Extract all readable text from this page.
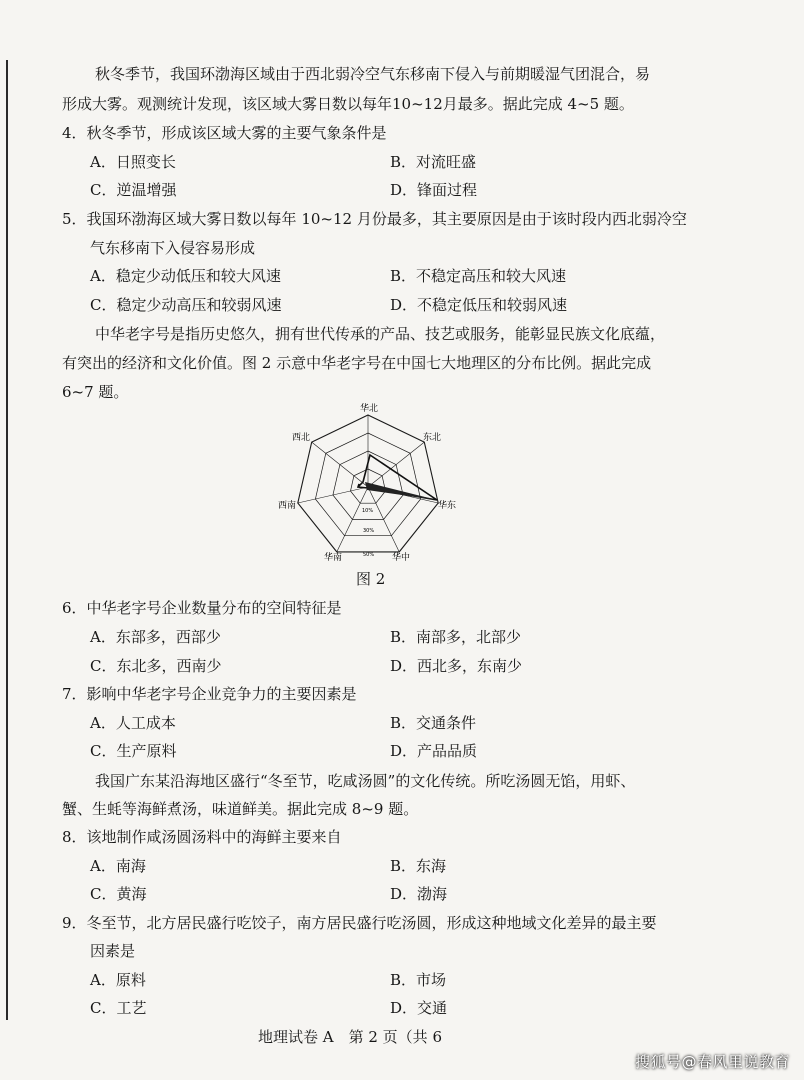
秋冬季节，我国环渤海区域由于西北弱冷空气东移南下侵入与前期暖湿气团混合，易
形成大雾。观测统计发现，该区域大雾日数以每年10~12月最多。据此完成 4~5 题。
4．秋冬季节，形成该区域大雾的主要气象条件是
A．日照变长	B．对流旺盛
C．逆温增强	D．锋面过程
5．我国环渤海区域大雾日数以每年 10~12 月份最多，其主要原因是由于该时段内西北弱冷空
气东移南下入侵容易形成
A．稳定少动低压和较大风速	B．不稳定高压和较大风速
C．稳定少动高压和较弱风速	D．不稳定低压和较弱风速
中华老字号是指历史悠久，拥有世代传承的产品、技艺或服务，能彰显民族文化底蕴，
有突出的经济和文化价值。图 2 示意中华老字号在中国七大地理区的分布比例。据此完成
6~7 题。
华北
东北
华东
华中
华南
西南
西北
10%
30%
50%
图 2
6．中华老字号企业数量分布的空间特征是
A．东部多，西部少	B．南部多，北部少
C．东北多，西南少	D．西北多，东南少
7．影响中华老字号企业竞争力的主要因素是
A．人工成本	B．交通条件
C．生产原料	D．产品品质
我国广东某沿海地区盛行“冬至节，吃咸汤圆”的文化传统。所吃汤圆无馅，用虾、
蟹、生蚝等海鲜煮汤，味道鲜美。据此完成 8~9 题。
8．该地制作咸汤圆汤料中的海鲜主要来自
A．南海	B．东海
C．黄海	D．渤海
9．冬至节，北方居民盛行吃饺子，南方居民盛行吃汤圆，形成这种地域文化差异的最主要
因素是
A．原料	B．市场
C．工艺	D．交通
地理试卷 A　第 2 页（共 6
搜狐号@春风里说教育
